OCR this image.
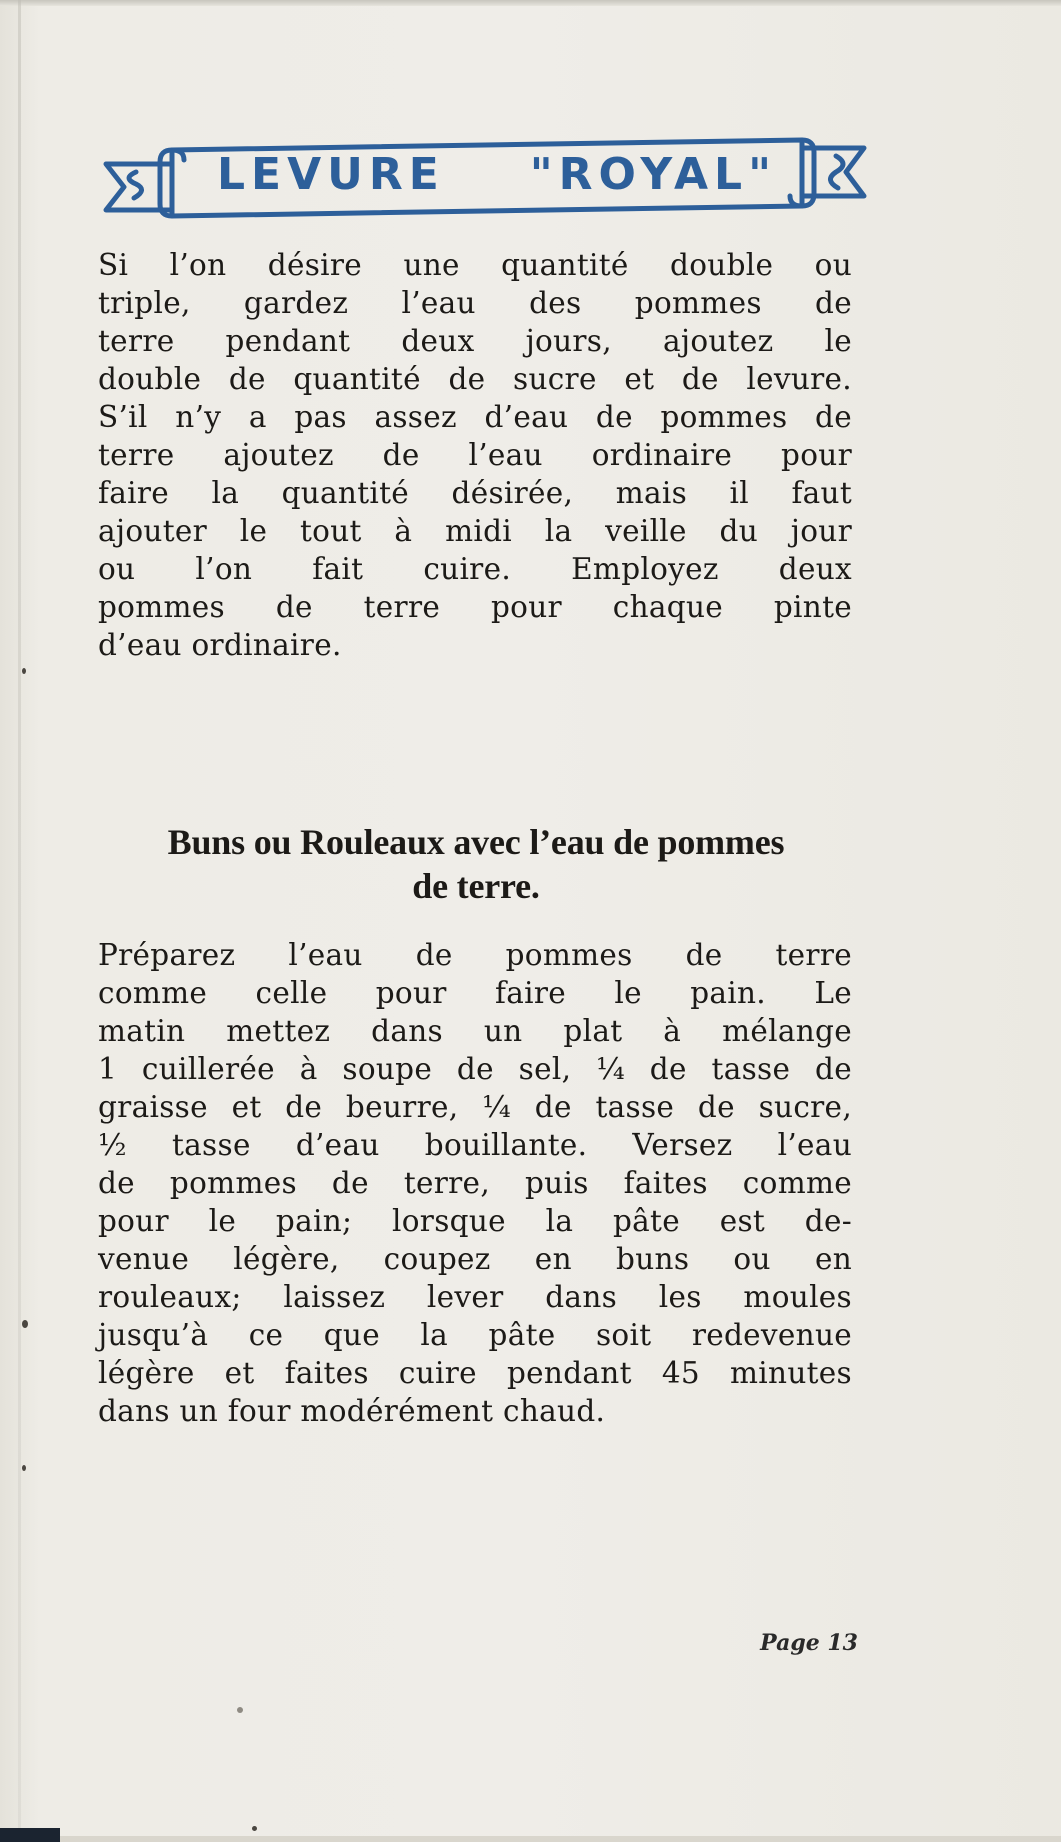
LEVURE "ROYAL"
Si l’on désire une quantité double ou
triple, gardez l’eau des pommes de
terre pendant deux jours, ajoutez le
double de quantité de sucre et de levure.
S’il n’y a pas assez d’eau de pommes de
terre ajoutez de l’eau ordinaire pour
faire la quantité désirée, mais il faut
ajouter le tout à midi la veille du jour
ou l’on fait cuire. Employez deux
pommes de terre pour chaque pinte
d’eau ordinaire.
Buns ou Rouleaux avec l’eau de pommes
de terre.
Préparez l’eau de pommes de terre
comme celle pour faire le pain. Le
matin mettez dans un plat à mélange
1 cuillerée à soupe de sel, ¼ de tasse de
graisse et de beurre, ¼ de tasse de sucre,
½ tasse d’eau bouillante. Versez l’eau
de pommes de terre, puis faites comme
pour le pain; lorsque la pâte est de-
venue légère, coupez en buns ou en
rouleaux; laissez lever dans les moules
jusqu’à ce que la pâte soit redevenue
légère et faites cuire pendant 45 minutes
dans un four modérément chaud.
Page 13
